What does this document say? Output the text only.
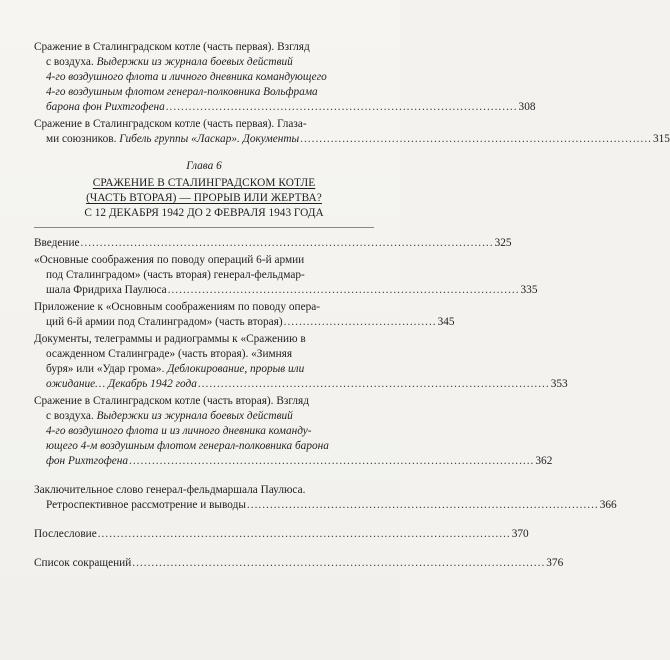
Сражение в Сталинградском котле (часть первая). Взгляд
с воздуха. Выдержки из журнала боевых действий
4-го воздушного флота и личного дневника командующего
4-го воздушным флотом генерал-полковника Вольфрама
барона фон Рихтгофена ............................................................................................ 308
Сражение в Сталинградском котле (часть первая). Глаза-
ми союзников. Гибель группы «Ласкар». Документы ............................................................................................ 315
Глава 6
СРАЖЕНИЕ В СТАЛИНГРАДСКОМ КОТЛЕ
(ЧАСТЬ ВТОРАЯ) — ПРОРЫВ ИЛИ ЖЕРТВА?
С 12 ДЕКАБРЯ 1942 ДО 2 ФЕВРАЛЯ 1943 ГОДА
Введение ............................................................................................................ 325
«Основные соображения по поводу операций 6-й армии
под Сталинградом» (часть вторая) генерал-фельдмар-
шала Фридриха Паулюса ............................................................................................ 335
Приложение к «Основным соображениям по поводу опера-
ций 6-й армии под Сталинградом» (часть вторая) ........................................ 345
Документы, телеграммы и радиограммы к «Сражению в
осажденном Сталинграде» (часть вторая). «Зимняя
буря» или «Удар грома». Деблокирование, прорыв или
ожидание… Декабрь 1942 года ............................................................................................ 353
Сражение в Сталинградском котле (часть вторая). Взгляд
с воздуха. Выдержки из журнала боевых действий
4-го воздушного флота и из личного дневника команду-
ющего 4-м воздушным флотом генерал-полковника барона
фон Рихтгофена .......................................................................................................... 362
Заключительное слово генерал-фельдмаршала Паулюса.
Ретроспективное рассмотрение и выводы ............................................................................................ 366
Послесловие ............................................................................................................ 370
Список сокращений ............................................................................................................ 376
